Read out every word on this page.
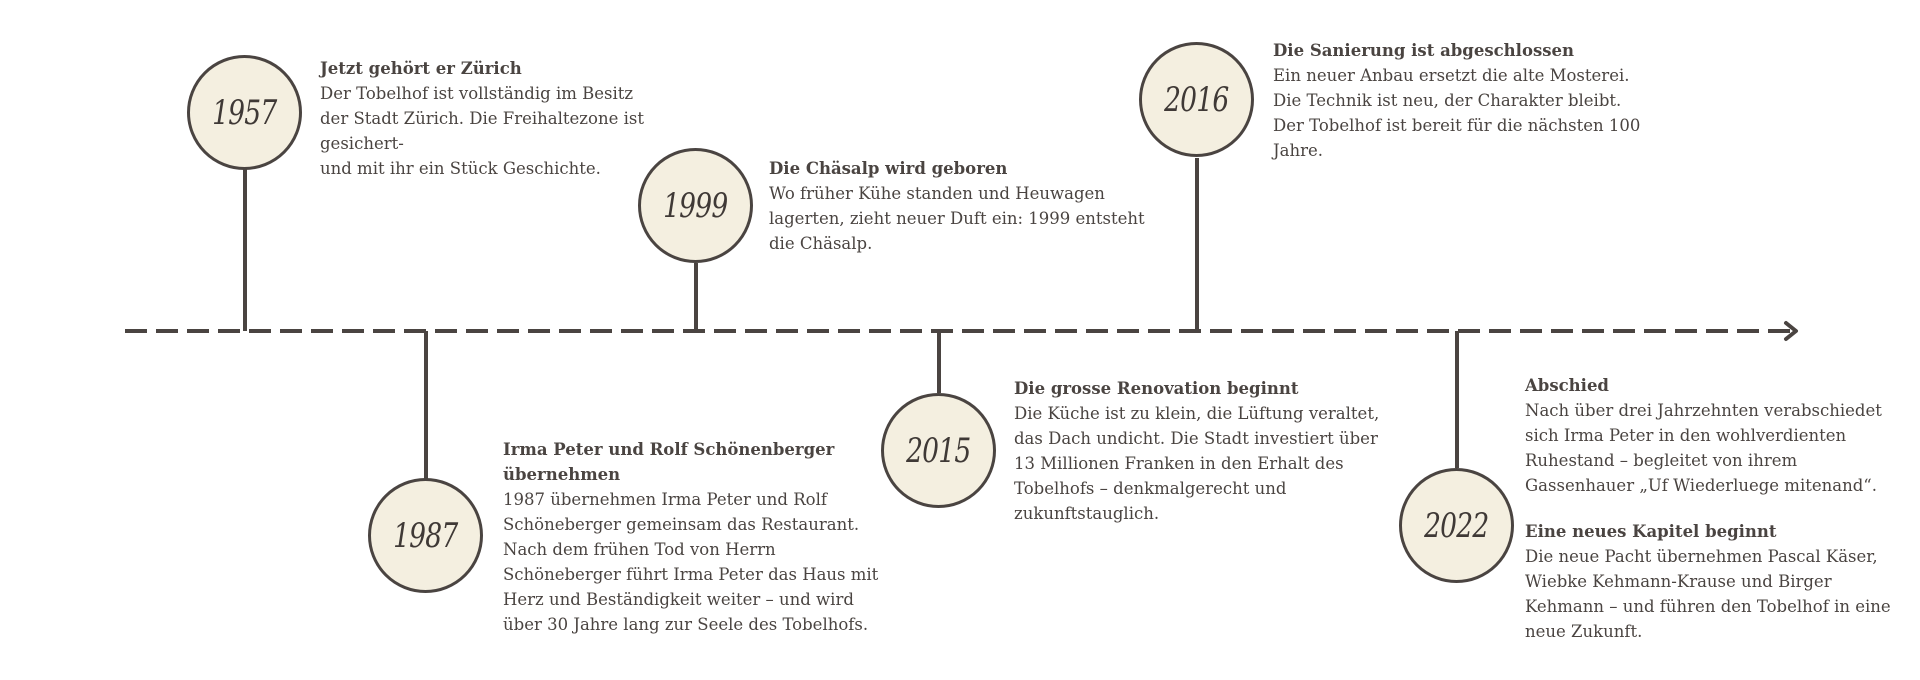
1957
Jetzt gehört er Zürich
Der Tobelhof ist vollständig im Besitz
der Stadt Zürich. Die Freihaltezone ist
gesichert-
und mit ihr ein Stück Geschichte.
1987
Irma Peter und Rolf Schönenberger
übernehmen
1987 übernehmen Irma Peter und Rolf
Schöneberger gemeinsam das Restaurant.
Nach dem frühen Tod von Herrn
Schöneberger führt Irma Peter das Haus mit
Herz und Beständigkeit weiter – und wird
über 30 Jahre lang zur Seele des Tobelhofs.
1999
Die Chäsalp wird geboren
Wo früher Kühe standen und Heuwagen
lagerten, zieht neuer Duft ein: 1999 entsteht
die Chäsalp.
2015
Die grosse Renovation beginnt
Die Küche ist zu klein, die Lüftung veraltet,
das Dach undicht. Die Stadt investiert über
13 Millionen Franken in den Erhalt des
Tobelhofs – denkmalgerecht und
zukunftstauglich.
2016
Die Sanierung ist abgeschlossen
Ein neuer Anbau ersetzt die alte Mosterei.
Die Technik ist neu, der Charakter bleibt.
Der Tobelhof ist bereit für die nächsten 100
Jahre.
2022
Abschied
Nach über drei Jahrzehnten verabschiedet
sich Irma Peter in den wohlverdienten
Ruhestand – begleitet von ihrem
Gassenhauer „Uf Wiederluege mitenand“.
Eine neues Kapitel beginnt
Die neue Pacht übernehmen Pascal Käser,
Wiebke Kehmann-Krause und Birger
Kehmann – und führen den Tobelhof in eine
neue Zukunft.
